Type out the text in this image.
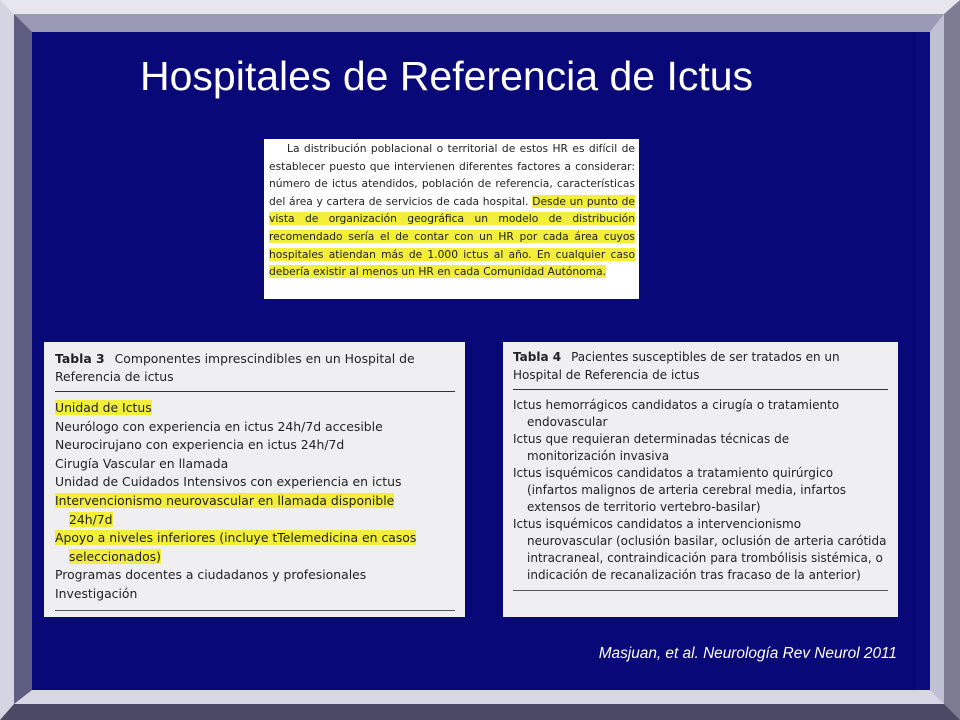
Hospitales de Referencia de Ictus

La distribución poblacional o territorial de estos HR es difícil de establecer puesto que intervienen diferentes factores a considerar: número de ictus atendidos, población de referencia, características del área y cartera de servicios de cada hospital. Desde un punto de vista de organización geográfica un modelo de distribución recomendado sería el de contar con un HR por cada área cuyos hospitales atiendan más de 1.000 ictus al año. En cualquier caso debería existir al menos un HR en cada Comunidad Autónoma.

Tabla 3 Componentes imprescindibles en un Hospital de Referencia de ictus
Unidad de Ictus
Neurólogo con experiencia en ictus 24h/7d accesible
Neurocirujano con experiencia en ictus 24h/7d
Cirugía Vascular en llamada
Unidad de Cuidados Intensivos con experiencia en ictus
Intervencionismo neurovascular en llamada disponible
24h/7d
Apoyo a niveles inferiores (incluye tTelemedicina en casos
seleccionados)
Programas docentes a ciudadanos y profesionales
Investigación
Tabla 4 Pacientes susceptibles de ser tratados en un Hospital de Referencia de ictus
Ictus hemorrágicos candidatos a cirugía o tratamiento
endovascular
Ictus que requieran determinadas técnicas de
monitorización invasiva
Ictus isquémicos candidatos a tratamiento quirúrgico
(infartos malignos de arteria cerebral media, infartos extensos de territorio vertebro-basilar)
Ictus isquémicos candidatos a intervencionismo
neurovascular (oclusión basilar, oclusión de arteria carótida intracraneal, contraindicación para trombólisis sistémica, o indicación de recanalización tras fracaso de la anterior)
Masjuan, et al. Neurología Rev Neurol 2011
